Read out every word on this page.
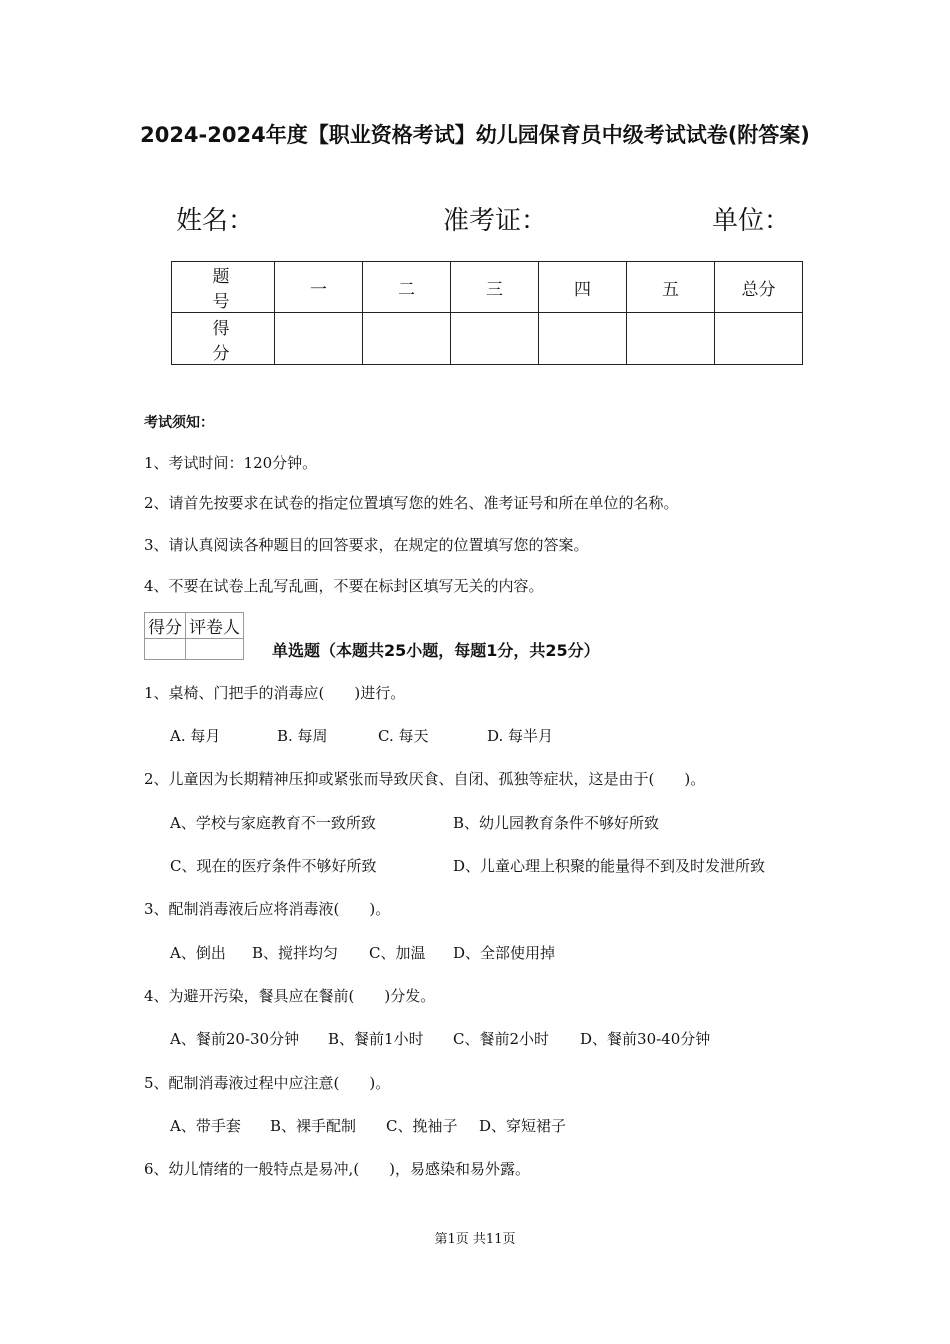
2024-2024年度【职业资格考试】幼儿园保育员中级考试试卷(附答案)
姓名：	准考证：	单位：
题 号	一	二	三	四	五	总分
得 分						
考试须知：
1、考试时间：120分钟。
2、请首先按要求在试卷的指定位置填写您的姓名、准考证号和所在单位的名称。
3、请认真阅读各种题目的回答要求，在规定的位置填写您的答案。
4、不要在试卷上乱写乱画，不要在标封区填写无关的内容。
得分	评卷人

单选题（本题共25小题，每题1分，共25分）
1、桌椅、门把手的消毒应(　　)进行。
A. 每月	B. 每周	C. 每天	D. 每半月
2、儿童因为长期精神压抑或紧张而导致厌食、自闭、孤独等症状，这是由于(　　)。
A、学校与家庭教育不一致所致	B、幼儿园教育条件不够好所致
C、现在的医疗条件不够好所致	D、儿童心理上积聚的能量得不到及时发泄所致
3、配制消毒液后应将消毒液(　　)。
A、倒出 B、搅拌均匀 C、加温 D、全部使用掉
4、为避开污染，餐具应在餐前(　　)分发。
A、餐前20-30分钟 B、餐前1小时 C、餐前2小时 D、餐前30-40分钟
5、配制消毒液过程中应注意(　　)。
A、带手套 B、裸手配制 C、挽袖子 D、穿短裙子
6、幼儿情绪的一般特点是易冲,(　　)，易感染和易外露。
第1页 共11页
